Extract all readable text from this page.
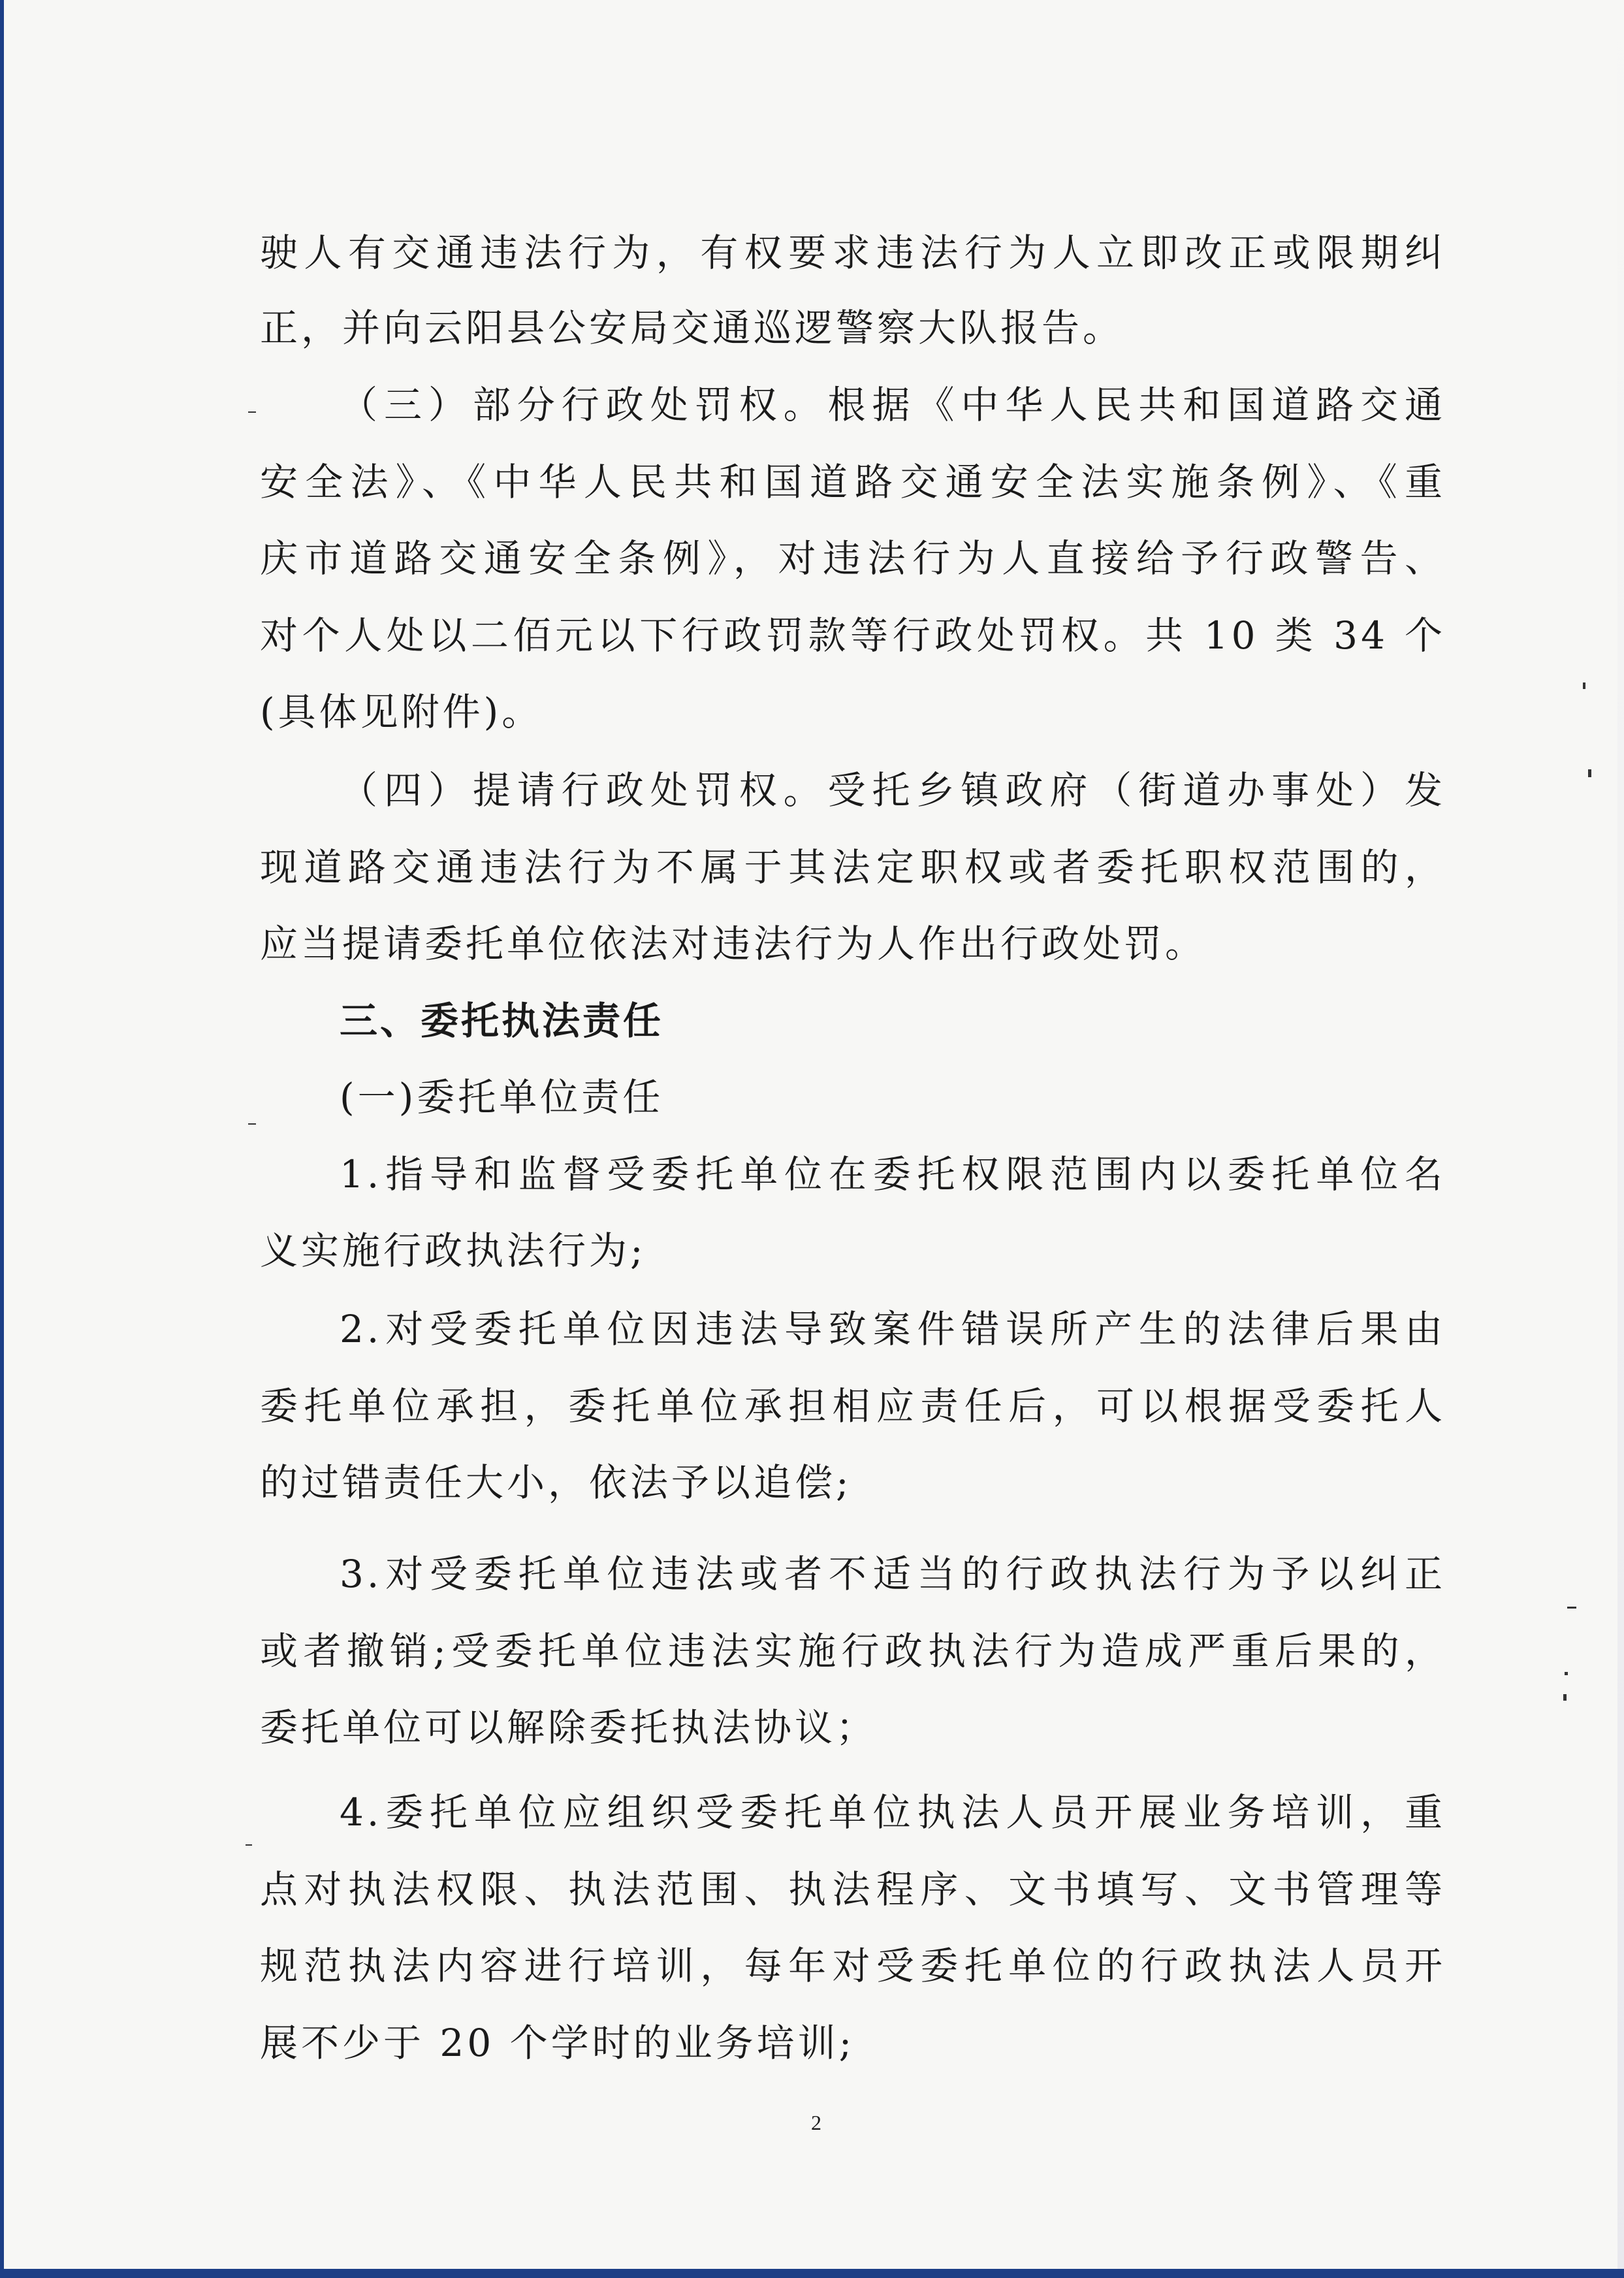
驶人有交通违法行为，有权要求违法行为人立即改正或限期纠
正，并向云阳县公安局交通巡逻警察大队报告。
（三）部分行政处罚权。根据《中华人民共和国道路交通
安全法》、《中华人民共和国道路交通安全法实施条例》、《重
庆市道路交通安全条例》，对违法行为人直接给予行政警告、
对个人处以二佰元以下行政罚款等行政处罚权。共 10 类 34 个
(具体见附件)。
（四）提请行政处罚权。受托乡镇政府（街道办事处）发
现道路交通违法行为不属于其法定职权或者委托职权范围的，
应当提请委托单位依法对违法行为人作出行政处罚。
三、委托执法责任
(一)委托单位责任
1.指导和监督受委托单位在委托权限范围内以委托单位名
义实施行政执法行为;
2.对受委托单位因违法导致案件错误所产生的法律后果由
委托单位承担，委托单位承担相应责任后，可以根据受委托人
的过错责任大小，依法予以追偿;
3.对受委托单位违法或者不适当的行政执法行为予以纠正
或者撤销;受委托单位违法实施行政执法行为造成严重后果的，
委托单位可以解除委托执法协议；
4.委托单位应组织受委托单位执法人员开展业务培训，重
点对执法权限、执法范围、执法程序、文书填写、文书管理等
规范执法内容进行培训，每年对受委托单位的行政执法人员开
展不少于 20 个学时的业务培训;
2
